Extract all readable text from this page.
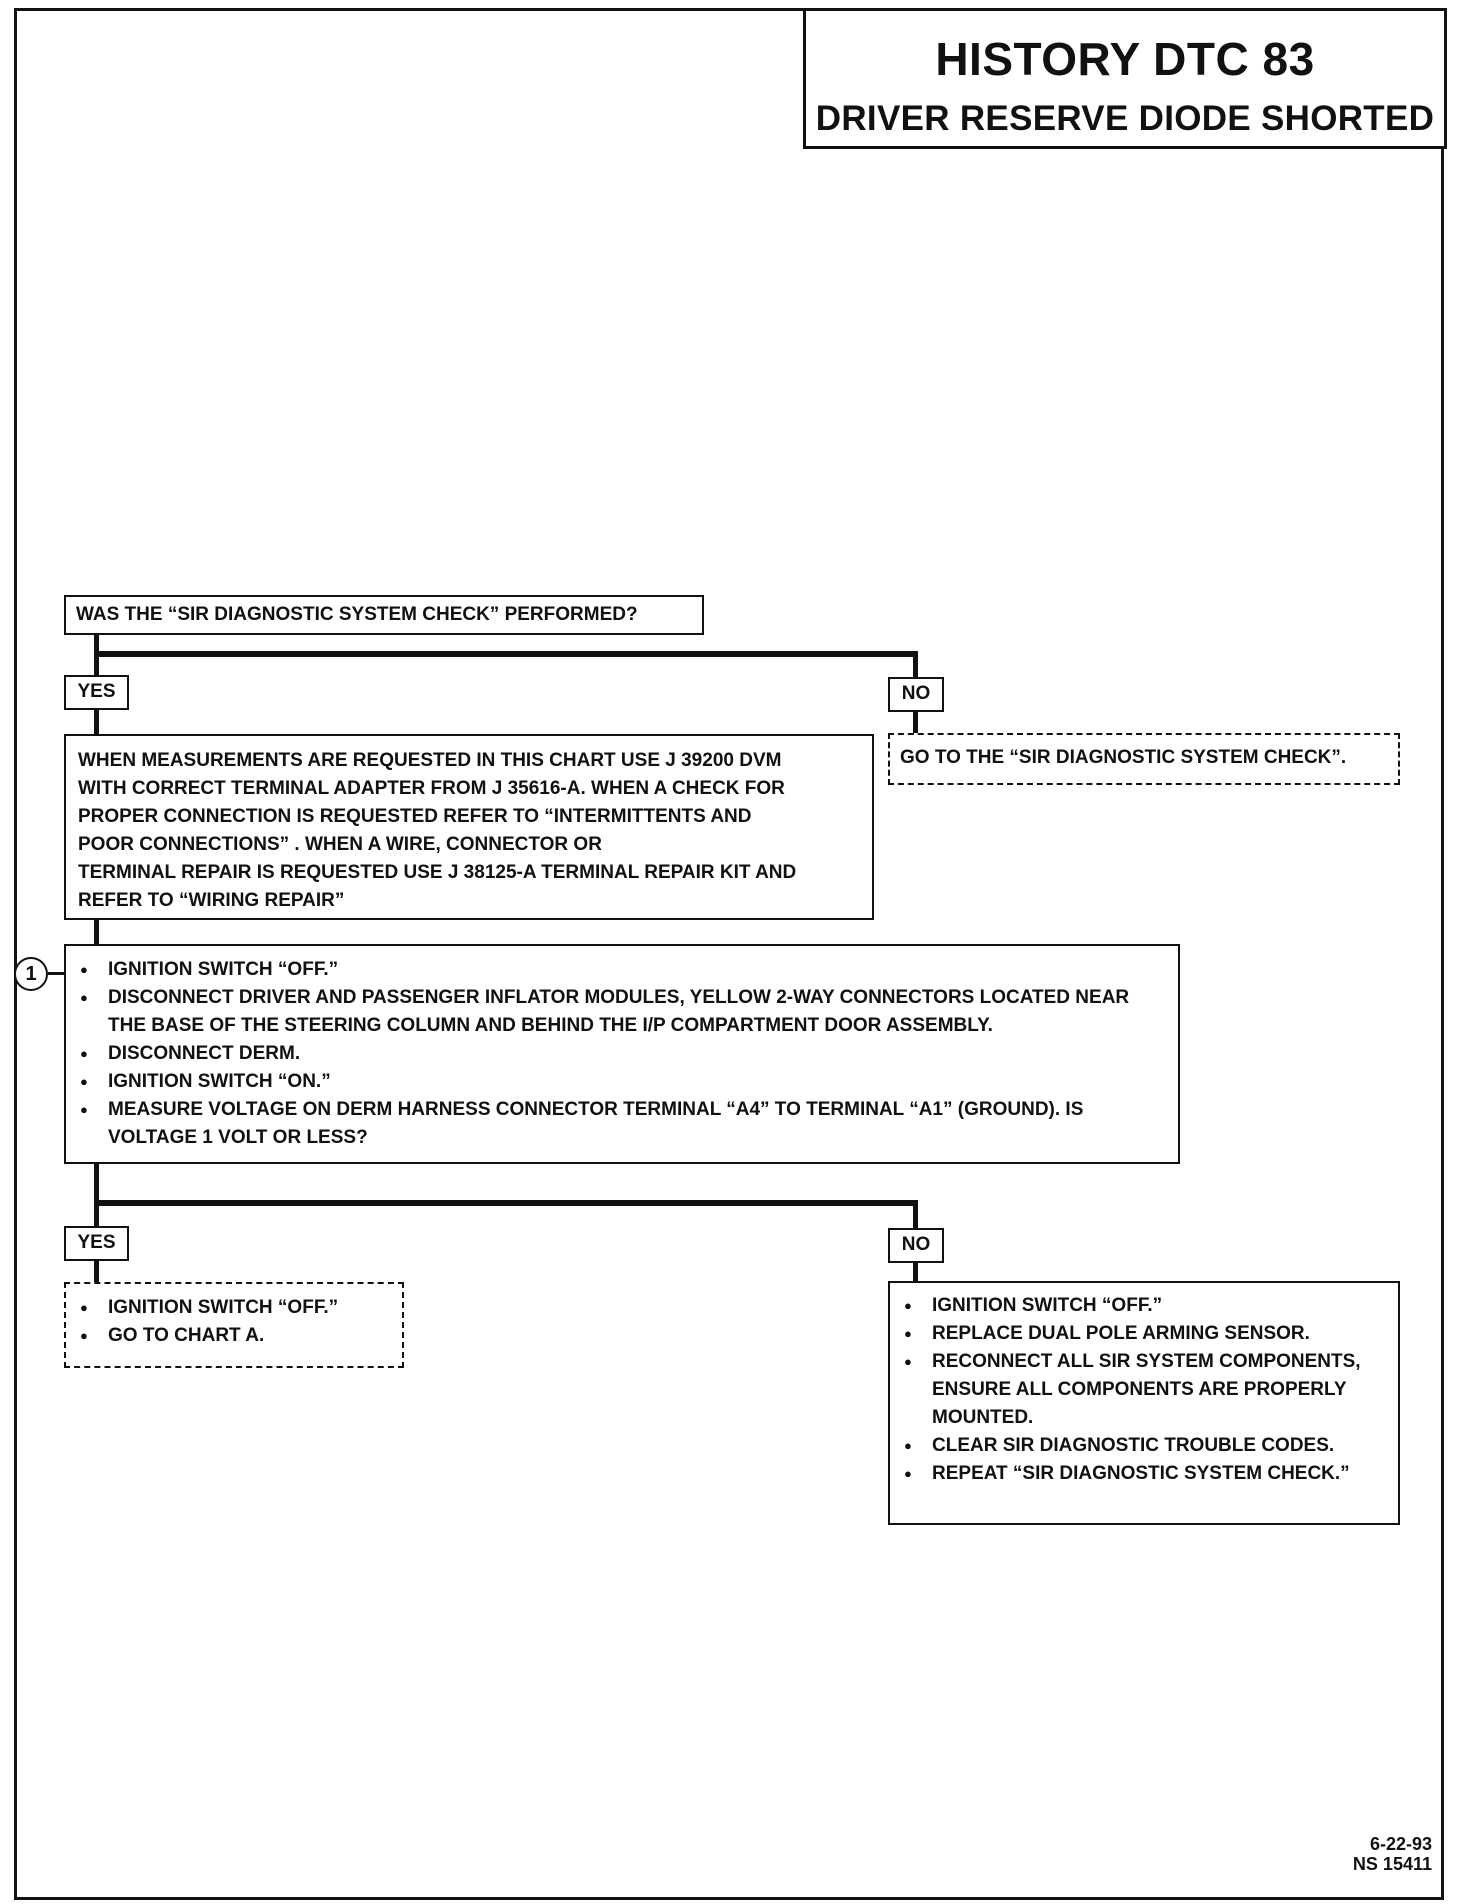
HISTORY DTC 83
DRIVER RESERVE DIODE SHORTED
WAS THE “SIR DIAGNOSTIC SYSTEM CHECK” PERFORMED?
YES	NO
GO TO THE “SIR DIAGNOSTIC SYSTEM CHECK”.
WHEN MEASUREMENTS ARE REQUESTED IN THIS CHART USE J 39200 DVM
WITH CORRECT TERMINAL ADAPTER FROM J 35616-A. WHEN A CHECK FOR
PROPER CONNECTION IS REQUESTED REFER TO “INTERMITTENTS AND
POOR CONNECTIONS” . WHEN A WIRE, CONNECTOR OR
TERMINAL REPAIR IS REQUESTED USE J 38125-A TERMINAL REPAIR KIT AND
REFER TO “WIRING REPAIR”
1
●	IGNITION SWITCH “OFF.”
● DISCONNECT DRIVER AND PASSENGER INFLATOR MODULES, YELLOW 2-WAY CONNECTORS LOCATED NEAR THE BASE OF THE STEERING COLUMN AND BEHIND THE I/P COMPARTMENT DOOR ASSEMBLY.
● DISCONNECT DERM.
● IGNITION SWITCH “ON.”
● MEASURE VOLTAGE ON DERM HARNESS CONNECTOR TERMINAL “A4” TO TERMINAL “A1” (GROUND). IS VOLTAGE 1 VOLT OR LESS?
YES	NO
● IGNITION SWITCH “OFF.”
● GO TO CHART A.
● IGNITION SWITCH “OFF.”
● REPLACE DUAL POLE ARMING SENSOR.
● RECONNECT ALL SIR SYSTEM COMPONENTS, ENSURE ALL COMPONENTS ARE PROPERLY MOUNTED.
● CLEAR SIR DIAGNOSTIC TROUBLE CODES.
● REPEAT “SIR DIAGNOSTIC SYSTEM CHECK.”
6-22-93
NS 15411
